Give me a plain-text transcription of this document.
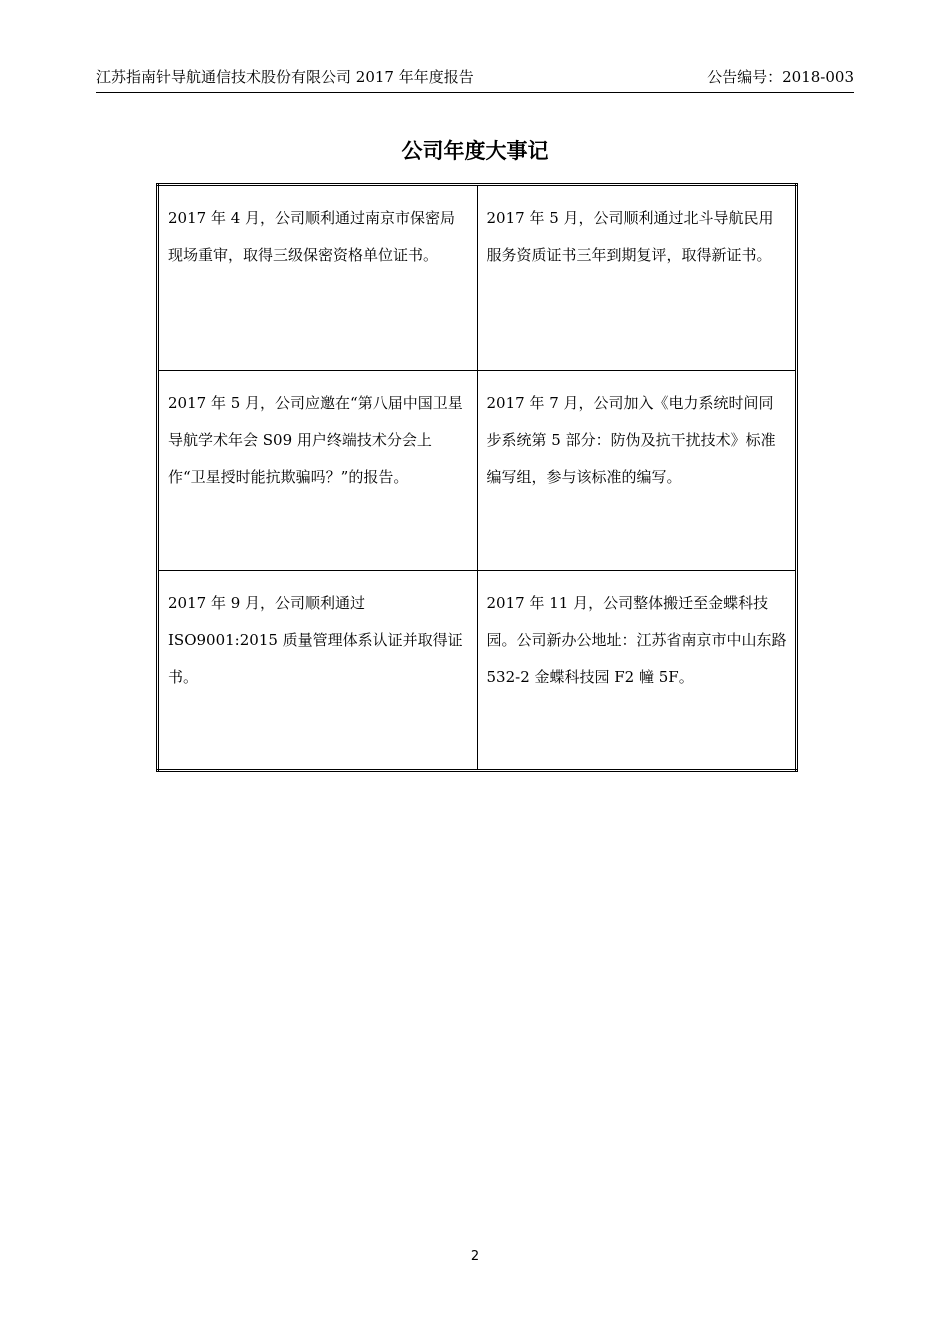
江苏指南针导航通信技术股份有限公司 2017 年年度报告	公告编号：2018-003
公司年度大事记
2017 年 4 月，公司顺利通过南京市保密局现场重审，取得三级保密资格单位证书。	2017 年 5 月，公司顺利通过北斗导航民用服务资质证书三年到期复评，取得新证书。
2017 年 5 月，公司应邀在“第八届中国卫星导航学术年会 S09 用户终端技术分会上作“卫星授时能抗欺骗吗？”的报告。	2017 年 7 月，公司加入《电力系统时间同步系统第 5 部分：防伪及抗干扰技术》标准编写组，参与该标准的编写。
2017 年 9 月，公司顺利通过 ISO9001:2015 质量管理体系认证并取得证书。	2017 年 11 月，公司整体搬迁至金蝶科技园。公司新办公地址：江苏省南京市中山东路 532-2 金蝶科技园 F2 幢 5F。
2
